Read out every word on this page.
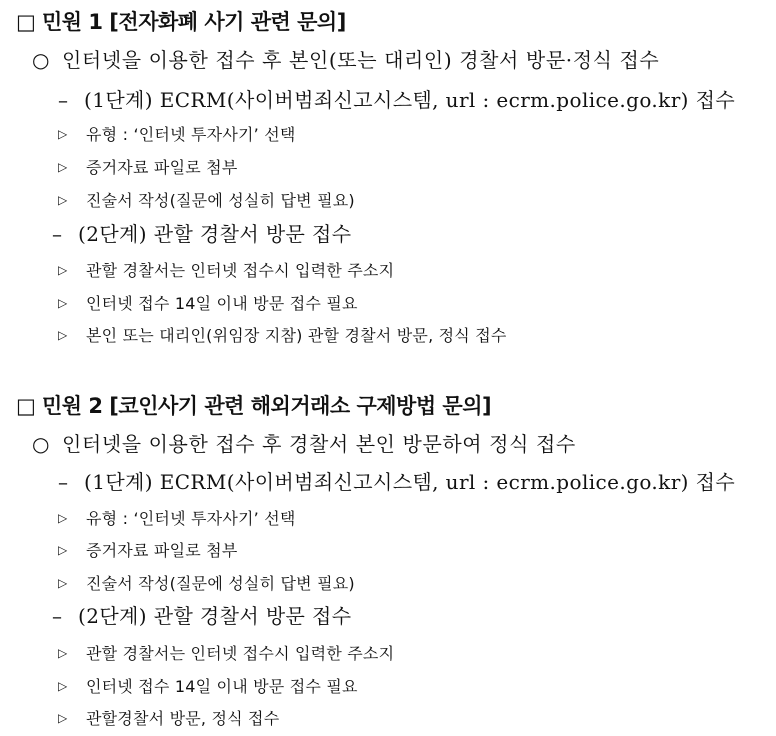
□ 민원 1 [전자화폐 사기 관련 문의]
○ 인터넷을 이용한 접수 후 본인(또는 대리인) 경찰서 방문·정식 접수
– (1단계) ECRM(사이버범죄신고시스템, url : ecrm.police.go.kr) 접수
▷ 유형 : ‘인터넷 투자사기’ 선택
▷ 증거자료 파일로 첨부
▷ 진술서 작성(질문에 성실히 답변 필요)
– (2단계) 관할 경찰서 방문 접수
▷ 관할 경찰서는 인터넷 접수시 입력한 주소지
▷ 인터넷 접수 14일 이내 방문 접수 필요
▷ 본인 또는 대리인(위임장 지참) 관할 경찰서 방문, 정식 접수
□ 민원 2 [코인사기 관련 해외거래소 구제방법 문의]
○ 인터넷을 이용한 접수 후 경찰서 본인 방문하여 정식 접수
– (1단계) ECRM(사이버범죄신고시스템, url : ecrm.police.go.kr) 접수
▷ 유형 : ‘인터넷 투자사기’ 선택
▷ 증거자료 파일로 첨부
▷ 진술서 작성(질문에 성실히 답변 필요)
– (2단계) 관할 경찰서 방문 접수
▷ 관할 경찰서는 인터넷 접수시 입력한 주소지
▷ 인터넷 접수 14일 이내 방문 접수 필요
▷ 관할경찰서 방문, 정식 접수
